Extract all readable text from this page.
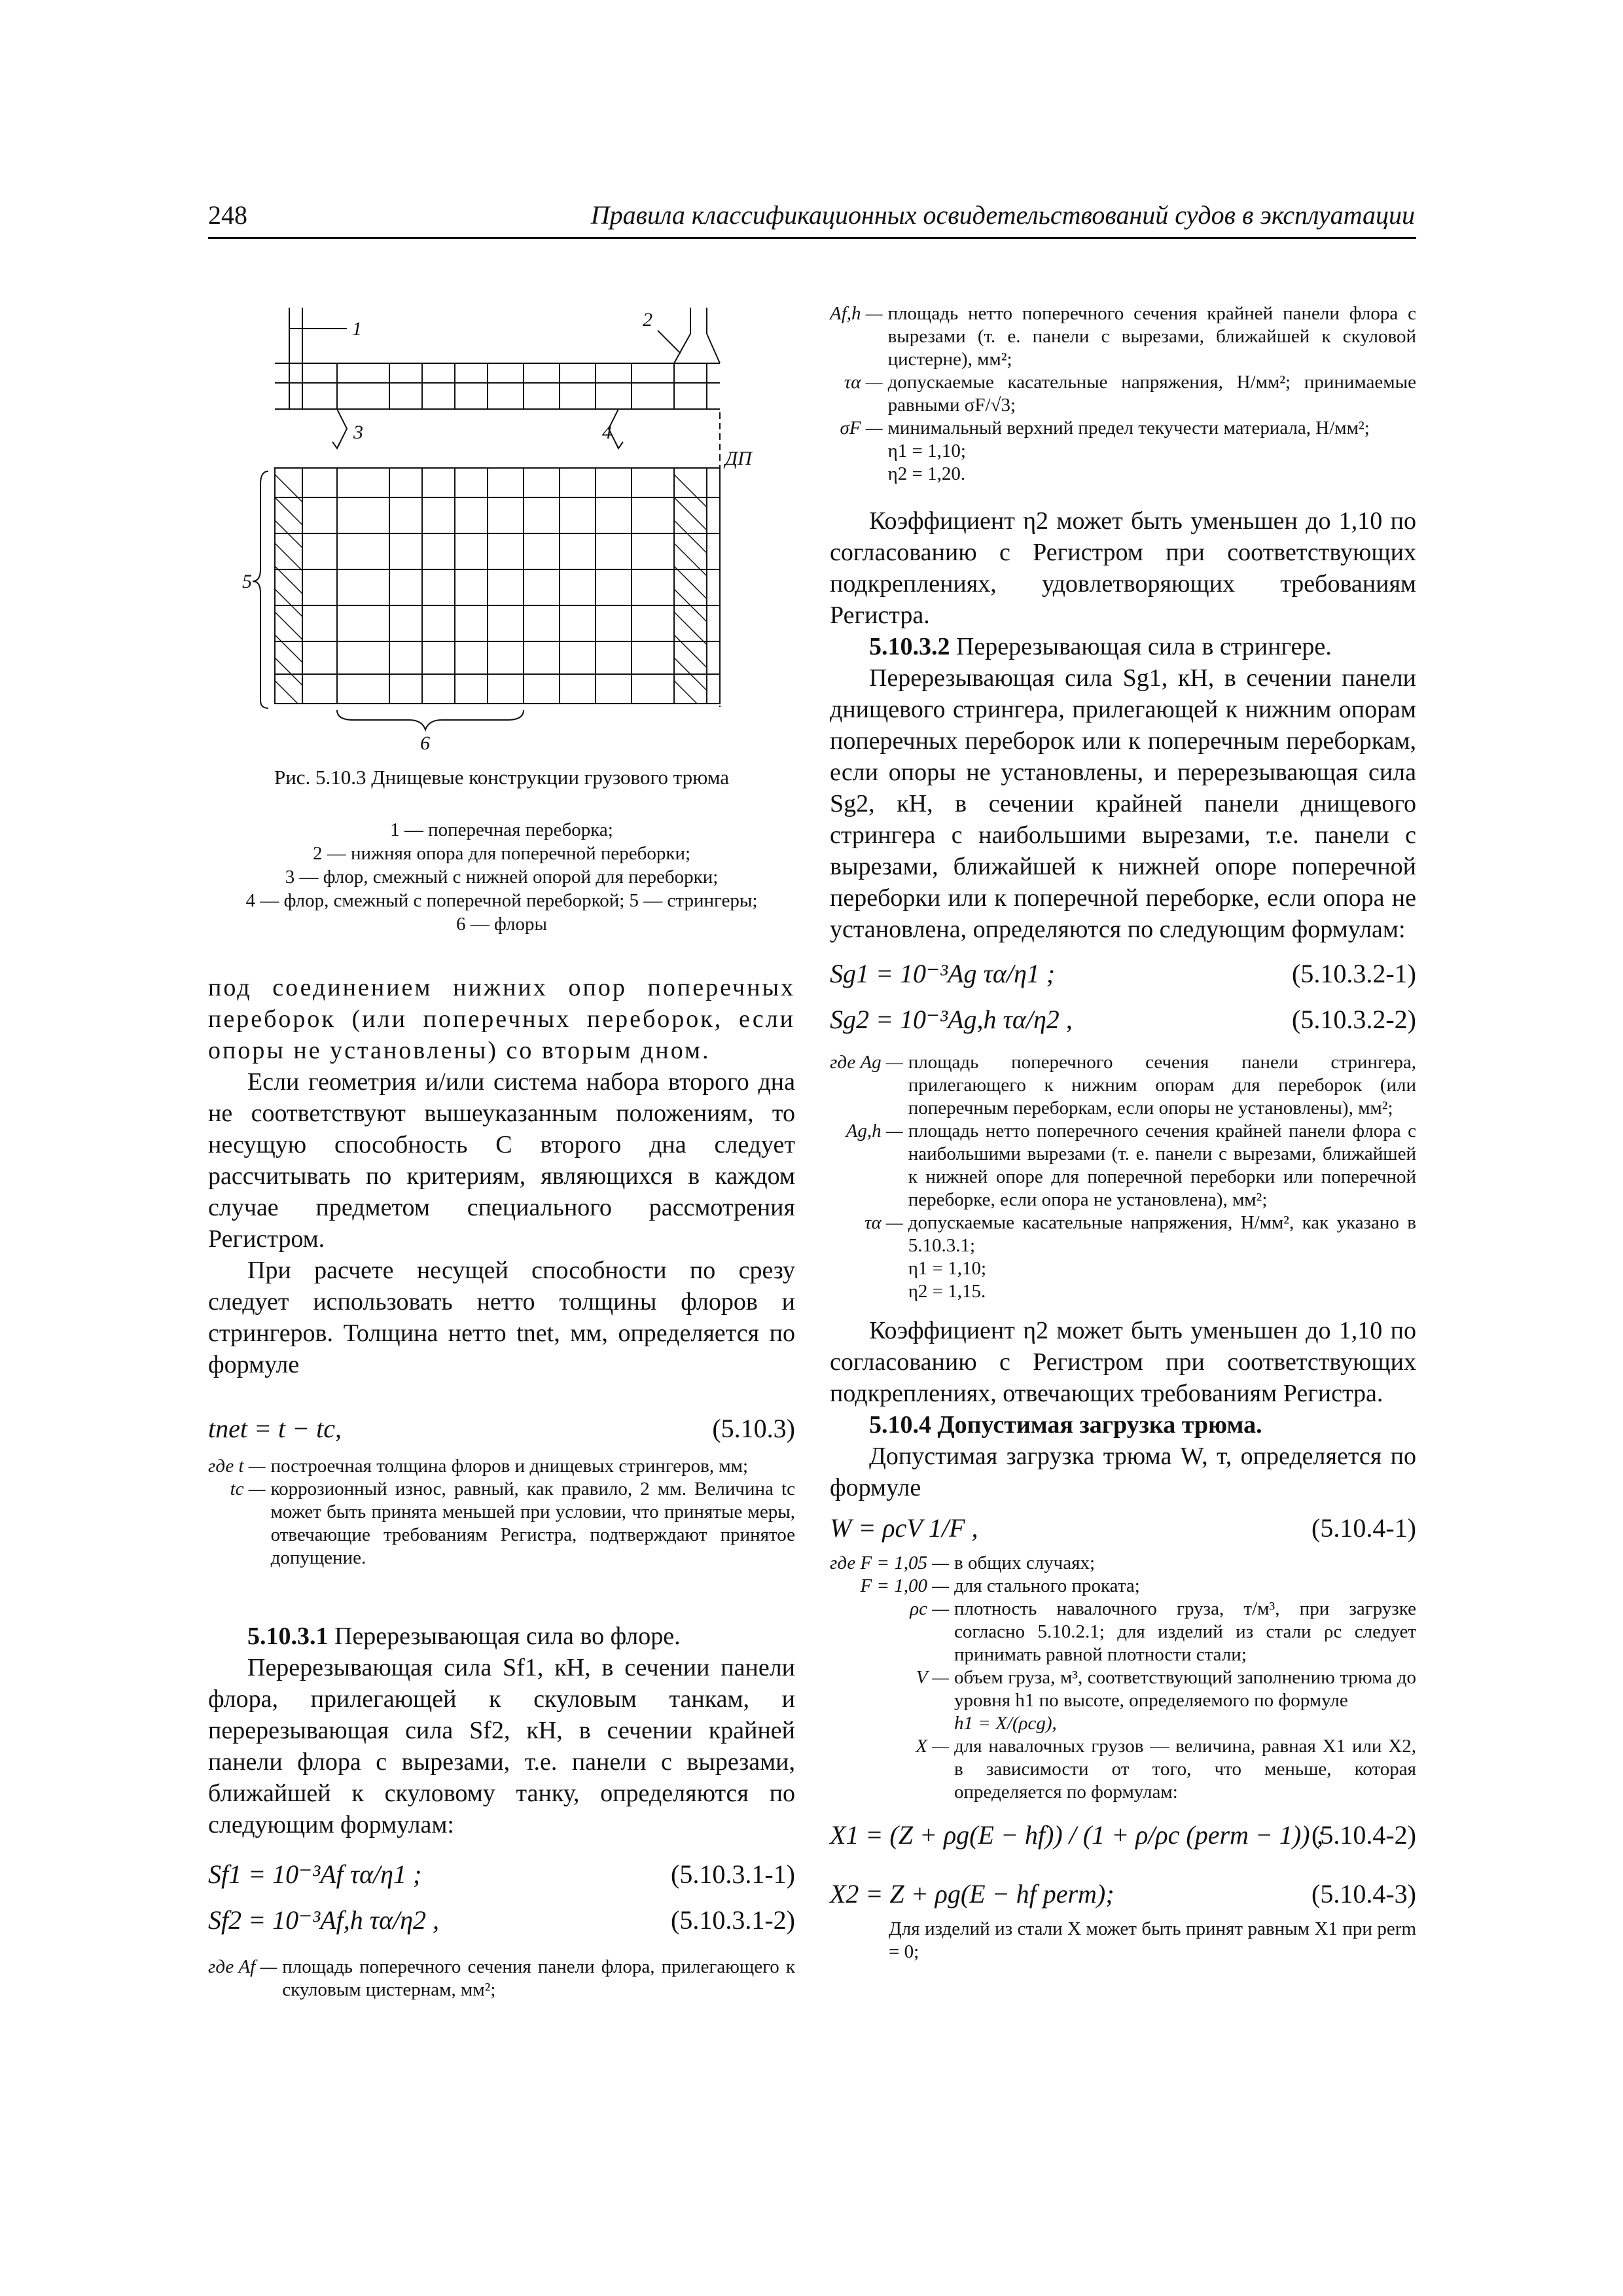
248	Правила классификационных освидетельствований судов в эксплуатации
1	2
3	4
5
6
ДП
Рис. 5.10.3 Днищевые конструкции грузового трюма
1 — поперечная переборка;
2 — нижняя опора для поперечной переборки;
3 — флор, смежный с нижней опорой для переборки;
4 — флор, смежный с поперечной переборкой; 5 — стрингеры;
6 — флоры

под соединением нижних опор поперечных переборок (или поперечных переборок, если опоры не установлены) со вторым дном.

Если геометрия и/или система набора второго дна не соответствуют вышеуказанным положениям, то несущую способность C второго дна следует рассчитывать по критериям, являющихся в каждом случае предметом специального рассмотрения Регистром.

При расчете несущей способности по срезу следует использовать нетто толщины флоров и стрингеров. Толщина нетто tnet, мм, определяется по формуле

tnet = t − tc,	(5.10.3)
где t — построечная толщина флоров и днищевых стрингеров, мм;
tc — коррозионный износ, равный, как правило, 2 мм. Величина tc может быть принята меньшей при условии, что принятые меры, отвечающие требованиям Регистра, подтверждают принятое допущение.

5.10.3.1 Перерезывающая сила во флоре.

Перерезывающая сила Sf1, кН, в сечении панели флора, прилегающей к скуловым танкам, и перерезывающая сила Sf2, кН, в сечении крайней панели флора с вырезами, т.е. панели с вырезами, ближайшей к скуловому танку, определяются по следующим формулам:

Sf1 = 10⁻³Af τα/η1 ;	(5.10.3.1-1)
Sf2 = 10⁻³Af,h τα/η2 ,	(5.10.3.1-2)
где Af — площадь поперечного сечения панели флора, прилегающего к скуловым цистернам, мм²;
Af,h — площадь нетто поперечного сечения крайней панели флора с вырезами (т. е. панели с вырезами, ближайшей к скуловой цистерне), мм²;
τα — допускаемые касательные напряжения, Н/мм²; принимаемые равными σF/√3;
σF — минимальный верхний предел текучести материала, Н/мм²;
η1 = 1,10;
η2 = 1,20.

Коэффициент η2 может быть уменьшен до 1,10 по согласованию с Регистром при соответствующих подкреплениях, удовлетворяющих требованиям Регистра.

5.10.3.2 Перерезывающая сила в стрингере.

Перерезывающая сила Sg1, кН, в сечении панели днищевого стрингера, прилегающей к нижним опорам поперечных переборок или к поперечным переборкам, если опоры не установлены, и перерезывающая сила Sg2, кН, в сечении крайней панели днищевого стрингера с наибольшими вырезами, т.е. панели с вырезами, ближайшей к нижней опоре поперечной переборки или к поперечной переборке, если опора не установлена, определяются по следующим формулам:

Sg1 = 10⁻³Ag τα/η1 ;	(5.10.3.2-1)
Sg2 = 10⁻³Ag,h τα/η2 ,	(5.10.3.2-2)
где Ag — площадь поперечного сечения панели стрингера, прилегающего к нижним опорам для переборок (или поперечным переборкам, если опоры не установлены), мм²;
Ag,h — площадь нетто поперечного сечения крайней панели флора с наибольшими вырезами (т. е. панели с вырезами, ближайшей к нижней опоре для поперечной переборки или поперечной переборке, если опора не установлена), мм²;
τα — допускаемые касательные напряжения, Н/мм², как указано в 5.10.3.1;
η1 = 1,10;
η2 = 1,15.

Коэффициент η2 может быть уменьшен до 1,10 по согласованию с Регистром при соответствующих подкреплениях, отвечающих требованиям Регистра.

5.10.4 Допустимая загрузка трюма.

Допустимая загрузка трюма W, т, определяется по формуле

W = ρcV 1/F ,	(5.10.4-1)
где F = 1,05 — в общих случаях;
F = 1,00 — для стального проката;
ρc — плотность навалочного груза, т/м³, при загрузке согласно 5.10.2.1; для изделий из стали ρc следует принимать равной плотности стали;
V — объем груза, м³, соответствующий заполнению трюма до уровня h1 по высоте, определяемого по формуле
h1 = X/(ρcg),
X — для навалочных грузов — величина, равная X1 или X2, в зависимости от того, что меньше, которая определяется по формулам:
X1 = (Z + ρg(E − hf)) / (1 + ρ/ρc (perm − 1)) ;
(5.10.4-2)
X2 = Z + ρg(E − hf perm);	(5.10.4-3)
Для изделий из стали X может быть принят равным X1 при perm = 0;
